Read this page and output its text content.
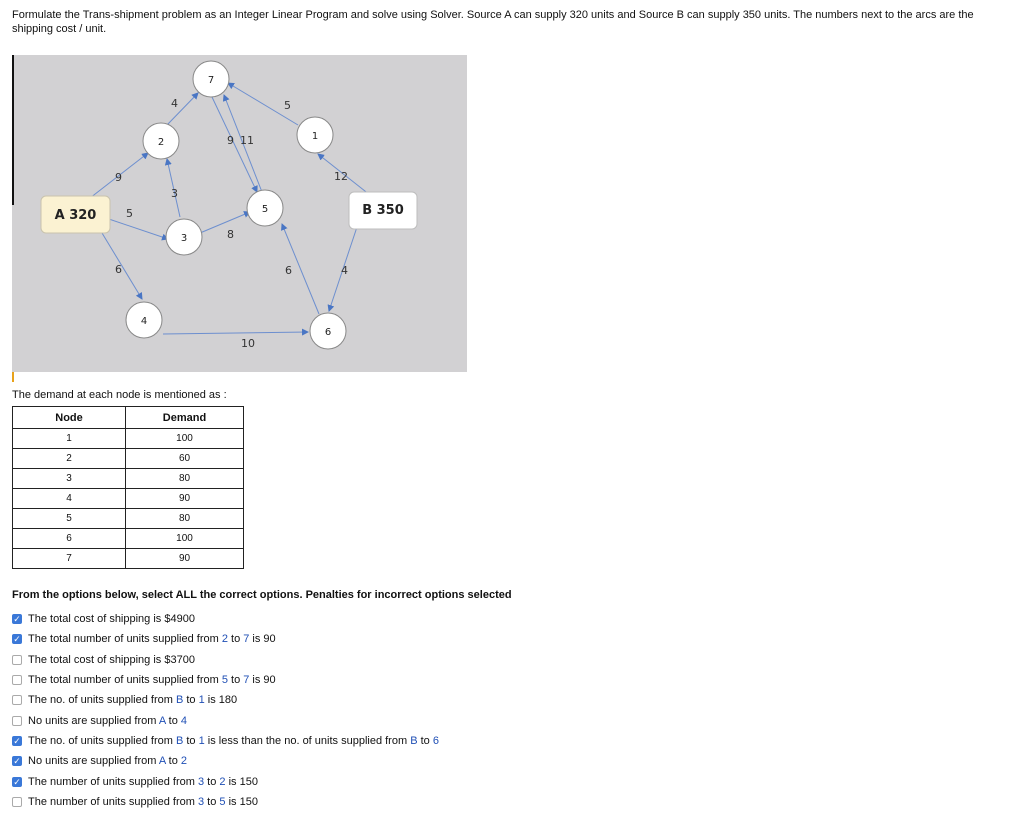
Formulate the Trans-shipment problem as an Integer Linear Program and solve using Solver. Source A can supply 320 units and Source B can supply 350 units. The numbers next to the arcs are the
shipping cost / unit.
9
5
6
4
3
8
9 11
5
12
4
6
10
A 320	B 350
7
2
1
5
3
4
6
The demand at each node is mentioned as :
Node	Demand
1	100
2	60
3	80
4	90
5	80
6	100
7	90
From the options below, select ALL the correct options. Penalties for incorrect options selected
✓ The total cost of shipping is $4900
✓ The total number of units supplied from 2 to 7 is 90
The total cost of shipping is $3700
The total number of units supplied from 5 to 7 is 90
The no. of units supplied from B to 1 is 180
No units are supplied from A to 4
✓ The no. of units supplied from B to 1 is less than the no. of units supplied from B to 6
✓ No units are supplied from A to 2
✓ The number of units supplied from 3 to 2 is 150
The number of units supplied from 3 to 5 is 150
